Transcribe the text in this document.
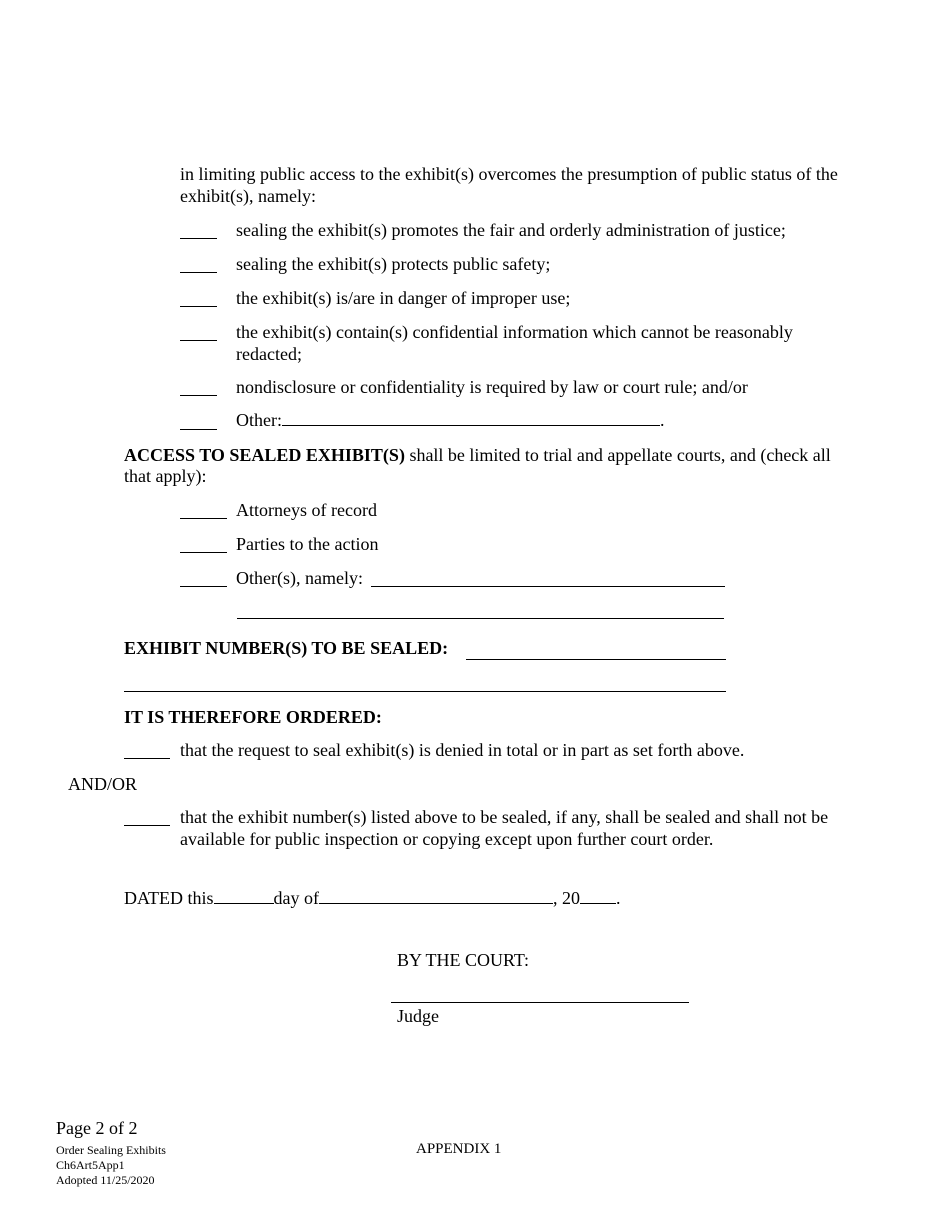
in limiting public access to the exhibit(s) overcomes the presumption of public status of the
exhibit(s), namely:
sealing the exhibit(s) promotes the fair and orderly administration of justice;
sealing the exhibit(s) protects public safety;
the exhibit(s) is/are in danger of improper use;
the exhibit(s) contain(s) confidential information which cannot be reasonably
redacted;
nondisclosure or confidentiality is required by law or court rule; and/or
Other:	.
ACCESS TO SEALED EXHIBIT(S) shall be limited to trial and appellate courts, and (check all
that apply):
Attorneys of record
Parties to the action
Other(s), namely:
EXHIBIT NUMBER(S) TO BE SEALED:
IT IS THEREFORE ORDERED:
that the request to seal exhibit(s) is denied in total or in part as set forth above.
AND/OR
that the exhibit number(s) listed above to be sealed, if any, shall be sealed and shall not be
available for public inspection or copying except upon further court order.
DATED this	day of	, 20 .
BY THE COURT:
Judge
Page 2 of 2
Order Sealing Exhibits
Ch6Art5App1
Adopted 11/25/2020
APPENDIX 1
